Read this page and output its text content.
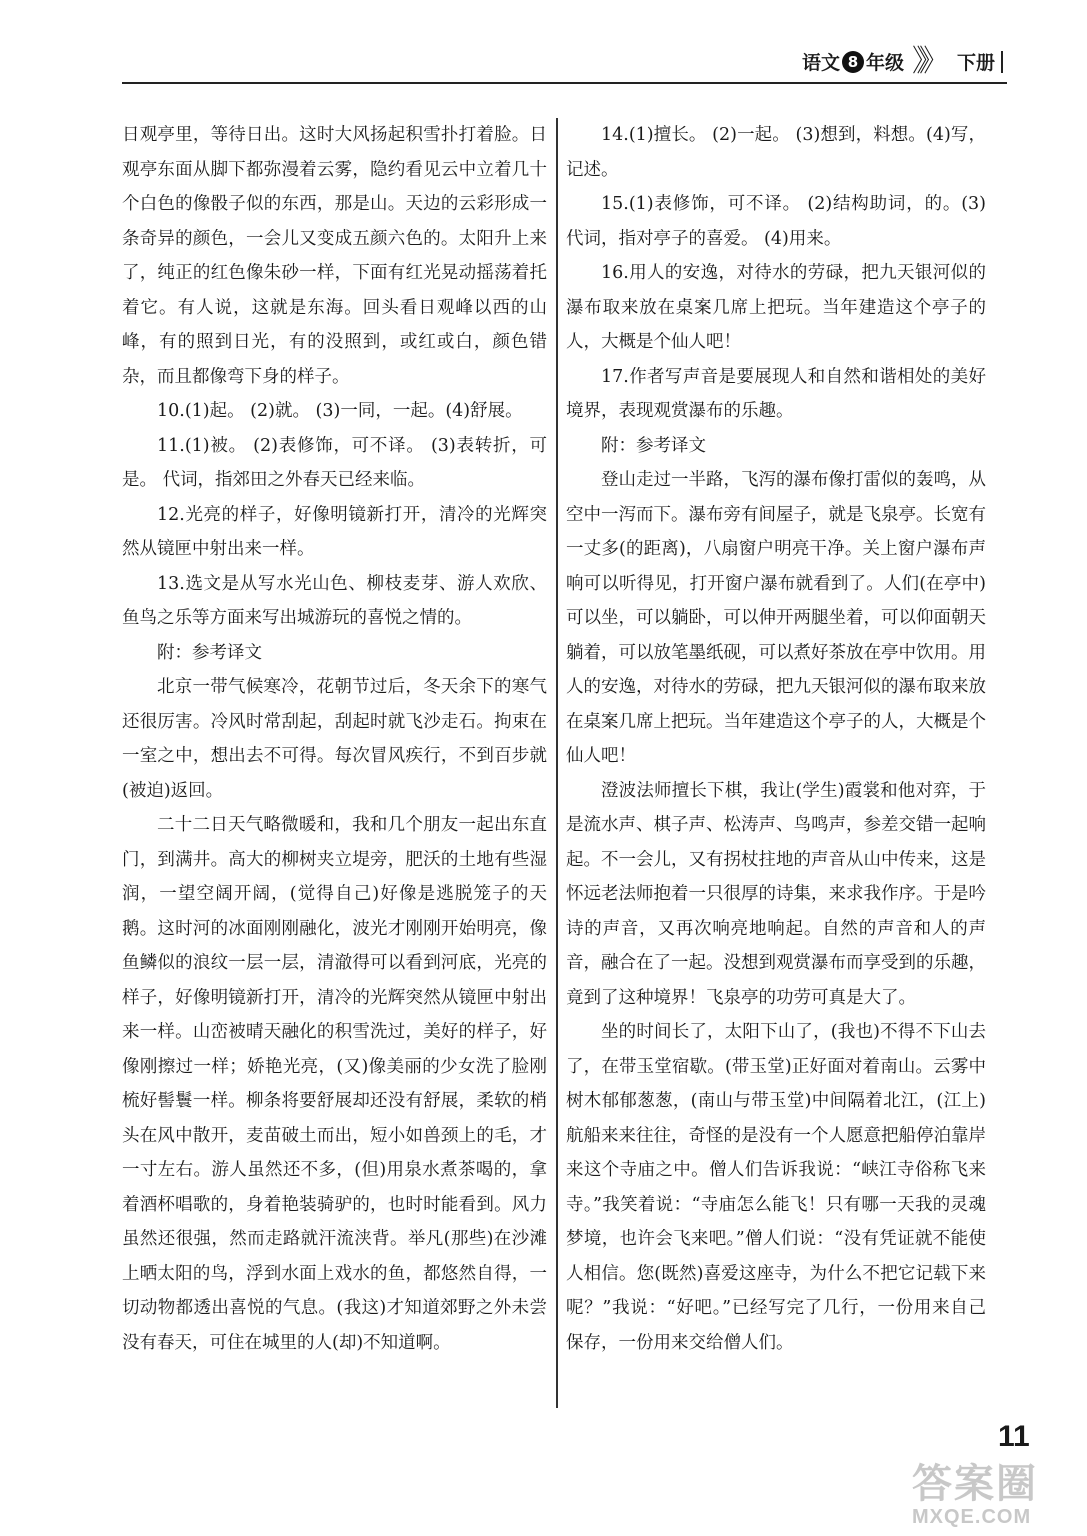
语文 8 年级 》》 下册

日观亭里，等待日出。这时大风扬起积雪扑打着脸。日观亭东面从脚下都弥漫着云雾，隐约看见云中立着几十个白色的像骰子似的东西，那是山。天边的云彩形成一条奇异的颜色，一会儿又变成五颜六色的。太阳升上来了，纯正的红色像朱砂一样，下面有红光晃动摇荡着托着它。有人说，这就是东海。回头看日观峰以西的山峰，有的照到日光，有的没照到，或红或白，颜色错杂，而且都像弯下身的样子。

10.(1)起。 (2)就。 (3)一同，一起。(4)舒展。

11.(1)被。 (2)表修饰，可不译。 (3)表转折，可是。 代词，指郊田之外春天已经来临。

12.光亮的样子，好像明镜新打开，清冷的光辉突然从镜匣中射出来一样。

13.选文是从写水光山色、柳枝麦芽、游人欢欣、鱼鸟之乐等方面来写出城游玩的喜悦之情的。

附：参考译文

北京一带气候寒冷，花朝节过后，冬天余下的寒气还很厉害。冷风时常刮起，刮起时就飞沙走石。拘束在一室之中，想出去不可得。每次冒风疾行，不到百步就(被迫)返回。

二十二日天气略微暖和，我和几个朋友一起出东直门，到满井。高大的柳树夹立堤旁，肥沃的土地有些湿润，一望空阔开阔，(觉得自己)好像是逃脱笼子的天鹅。这时河的冰面刚刚融化，波光才刚刚开始明亮，像鱼鳞似的浪纹一层一层，清澈得可以看到河底，光亮的样子，好像明镜新打开，清冷的光辉突然从镜匣中射出来一样。山峦被晴天融化的积雪洗过，美好的样子，好像刚擦过一样；娇艳光亮，(又)像美丽的少女洗了脸刚梳好髻鬟一样。柳条将要舒展却还没有舒展，柔软的梢头在风中散开，麦苗破土而出，短小如兽颈上的毛，才一寸左右。游人虽然还不多，(但)用泉水煮茶喝的，拿着酒杯唱歌的，身着艳装骑驴的，也时时能看到。风力虽然还很强，然而走路就汗流浃背。举凡(那些)在沙滩上晒太阳的鸟，浮到水面上戏水的鱼，都悠然自得，一切动物都透出喜悦的气息。(我这)才知道郊野之外未尝没有春天，可住在城里的人(却)不知道啊。

14.(1)擅长。 (2)一起。 (3)想到，料想。(4)写，记述。

15.(1)表修饰，可不译。 (2)结构助词，的。(3)代词，指对亭子的喜爱。 (4)用来。

16.用人的安逸，对待水的劳碌，把九天银河似的瀑布取来放在桌案几席上把玩。当年建造这个亭子的人，大概是个仙人吧！

17.作者写声音是要展现人和自然和谐相处的美好境界，表现观赏瀑布的乐趣。

附：参考译文

登山走过一半路，飞泻的瀑布像打雷似的轰鸣，从空中一泻而下。瀑布旁有间屋子，就是飞泉亭。长宽有一丈多(的距离)，八扇窗户明亮干净。关上窗户瀑布声响可以听得见，打开窗户瀑布就看到了。人们(在亭中)可以坐，可以躺卧，可以伸开两腿坐着，可以仰面朝天躺着，可以放笔墨纸砚，可以煮好茶放在亭中饮用。用人的安逸，对待水的劳碌，把九天银河似的瀑布取来放在桌案几席上把玩。当年建造这个亭子的人，大概是个仙人吧！

澄波法师擅长下棋，我让(学生)霞裳和他对弈，于是流水声、棋子声、松涛声、鸟鸣声，参差交错一起响起。不一会儿，又有拐杖拄地的声音从山中传来，这是怀远老法师抱着一只很厚的诗集，来求我作序。于是吟诗的声音，又再次响亮地响起。自然的声音和人的声音，融合在了一起。没想到观赏瀑布而享受到的乐趣，竟到了这种境界！飞泉亭的功劳可真是大了。

坐的时间长了，太阳下山了，(我也)不得不下山去了，在带玉堂宿歇。(带玉堂)正好面对着南山。云雾中树木郁郁葱葱，(南山与带玉堂)中间隔着北江，(江上)航船来来往往，奇怪的是没有一个人愿意把船停泊靠岸来这个寺庙之中。僧人们告诉我说：“峡江寺俗称飞来寺。”我笑着说：“寺庙怎么能飞！只有哪一天我的灵魂梦境，也许会飞来吧。”僧人们说：“没有凭证就不能使人相信。您(既然)喜爱这座寺，为什么不把它记载下来呢？”我说：“好吧。”已经写完了几行，一份用来自己保存，一份用来交给僧人们。

11
答案圈
MXQE.COM
